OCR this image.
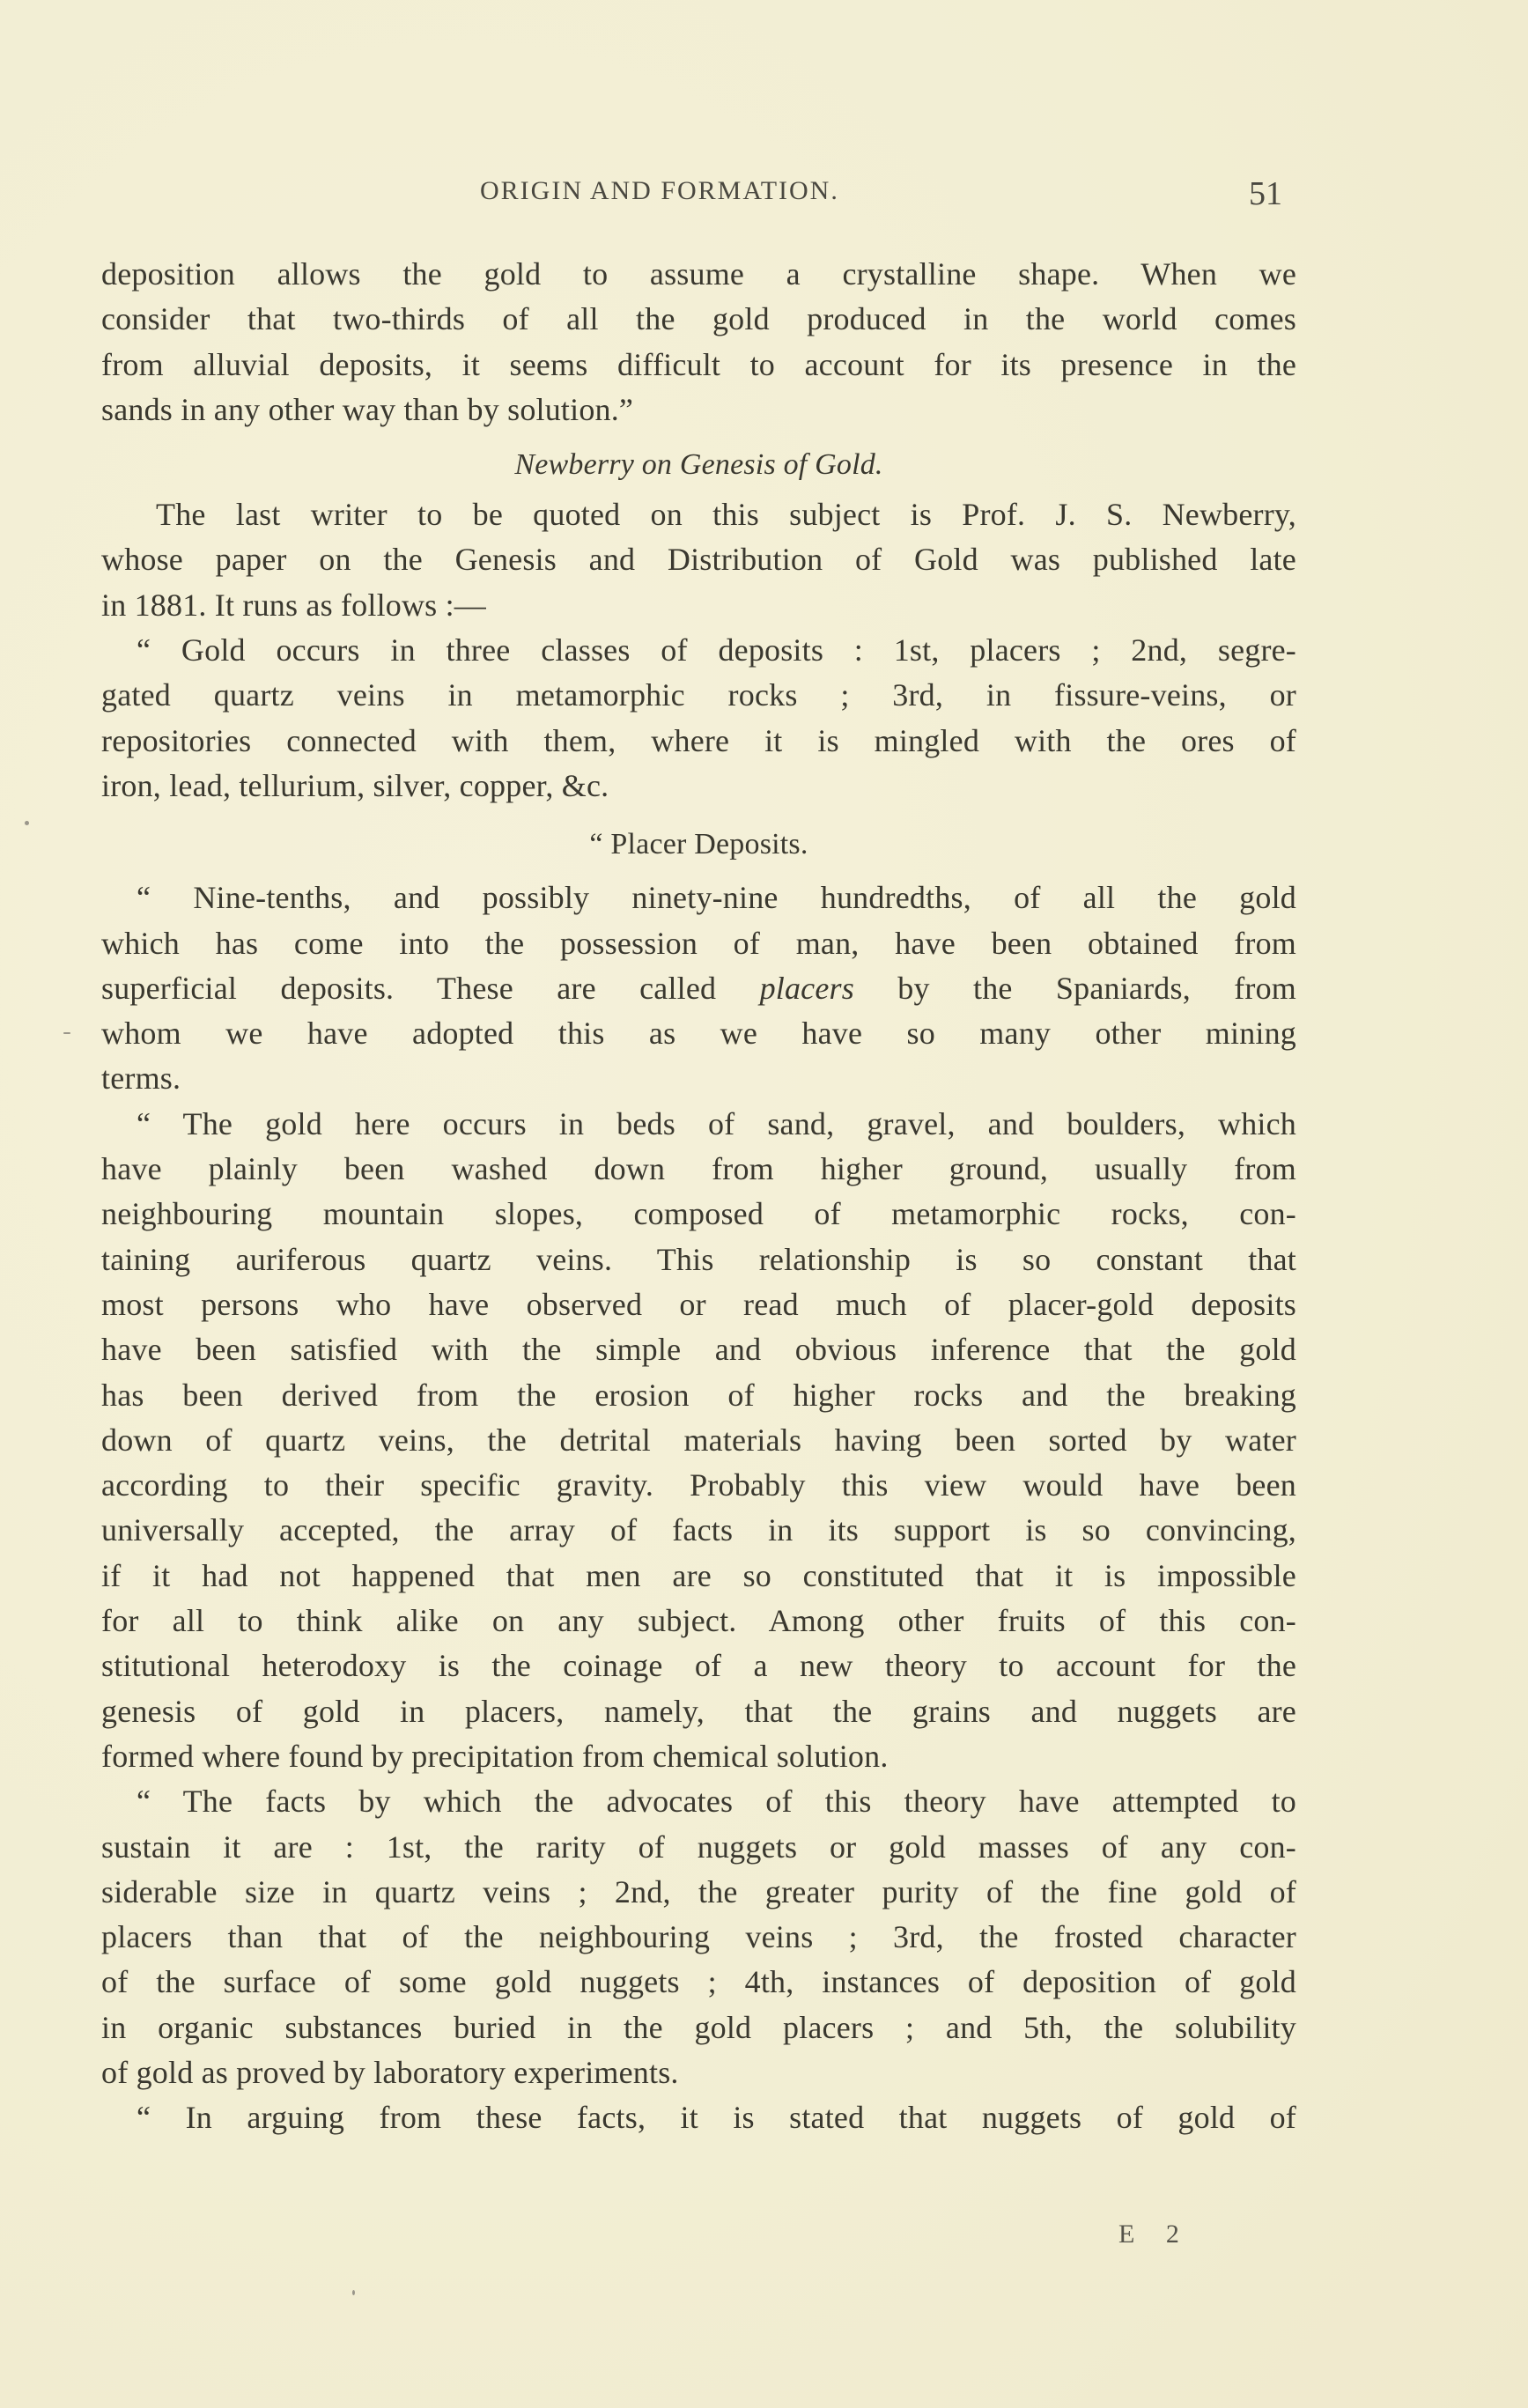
ORIGIN AND FORMATION.	51
deposition allows the gold to assume a crystalline shape. When we
consider that two-thirds of all the gold produced in the world comes
from alluvial deposits, it seems difficult to account for its presence in the
sands in any other way than by solution.”
Newberry on Genesis of Gold.
The last writer to be quoted on this subject is Prof. J. S. Newberry,
whose paper on the Genesis and Distribution of Gold was published late
in 1881. It runs as follows :—
“ Gold occurs in three classes of deposits : 1st, placers ; 2nd, segre-
gated quartz veins in metamorphic rocks ; 3rd, in fissure-veins, or
repositories connected with them, where it is mingled with the ores of
iron, lead, tellurium, silver, copper, &c.
“ Placer Deposits.
“ Nine-tenths, and possibly ninety-nine hundredths, of all the gold
which has come into the possession of man, have been obtained from
superficial deposits. These are called placers by the Spaniards, from
whom we have adopted this as we have so many other mining
terms.
“ The gold here occurs in beds of sand, gravel, and boulders, which
have plainly been washed down from higher ground, usually from
neighbouring mountain slopes, composed of metamorphic rocks, con-
taining auriferous quartz veins. This relationship is so constant that
most persons who have observed or read much of placer-gold deposits
have been satisfied with the simple and obvious inference that the gold
has been derived from the erosion of higher rocks and the breaking
down of quartz veins, the detrital materials having been sorted by water
according to their specific gravity. Probably this view would have been
universally accepted, the array of facts in its support is so convincing,
if it had not happened that men are so constituted that it is impossible
for all to think alike on any subject. Among other fruits of this con-
stitutional heterodoxy is the coinage of a new theory to account for the
genesis of gold in placers, namely, that the grains and nuggets are
formed where found by precipitation from chemical solution.
“ The facts by which the advocates of this theory have attempted to
sustain it are : 1st, the rarity of nuggets or gold masses of any con-
siderable size in quartz veins ; 2nd, the greater purity of the fine gold of
placers than that of the neighbouring veins ; 3rd, the frosted character
of the surface of some gold nuggets ; 4th, instances of deposition of gold
in organic substances buried in the gold placers ; and 5th, the solubility
of gold as proved by laboratory experiments.
“ In arguing from these facts, it is stated that nuggets of gold of
E 2
